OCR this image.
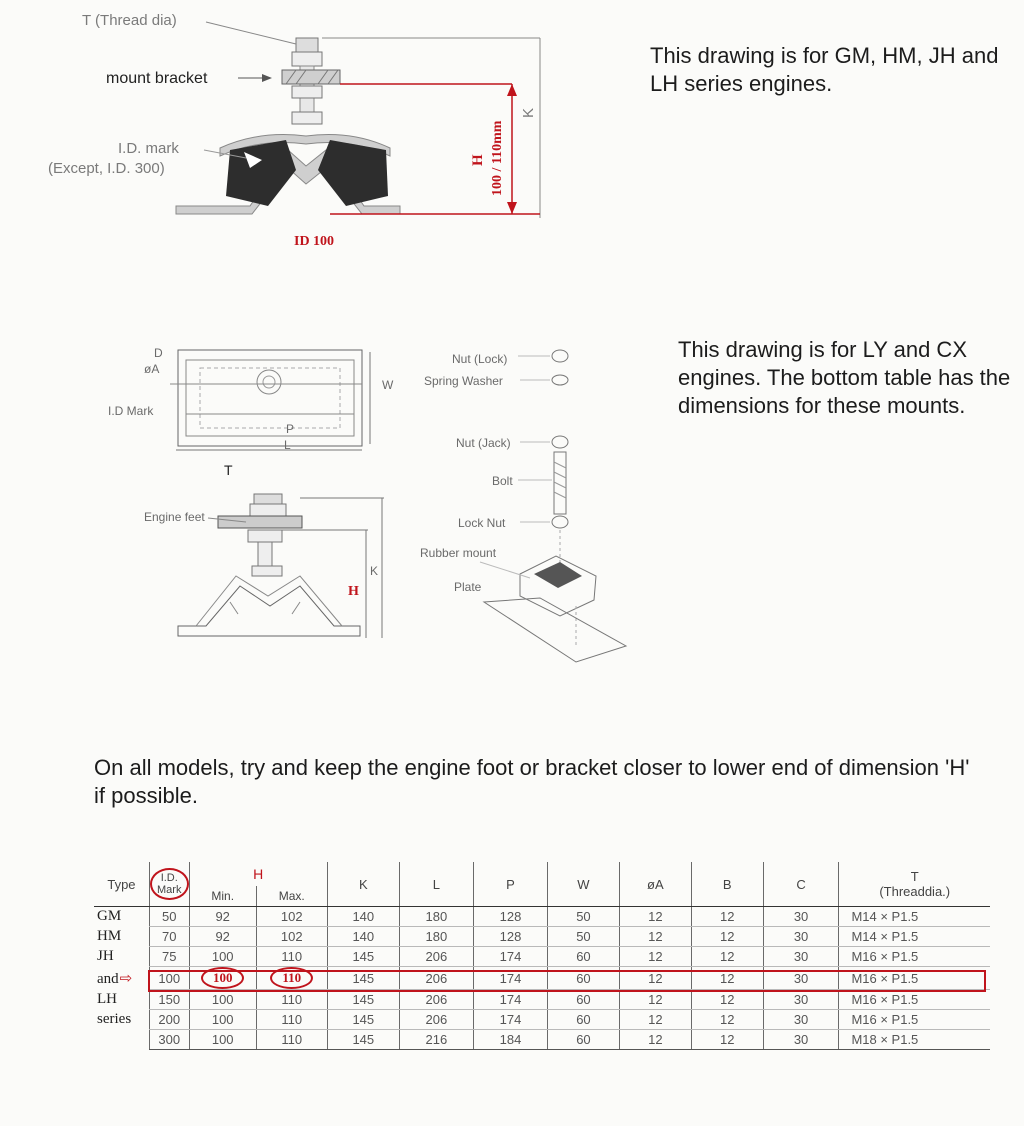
T (Thread dia)
mount bracket
I.D. mark
(Except, I.D. 300)
K
H 100 / 110mm
ID 100
This drawing is for GM, HM, JH and LH series engines.
D
øA
I.D Mark
W
P
L
T
Engine feet
H
K
Nut (Lock)
Spring Washer
Nut (Jack)
Bolt
Lock Nut
Rubber mount
Plate
This drawing is for LY and CX engines. The bottom table has the dimensions for these mounts.
On all models, try and keep the engine foot or bracket closer to lower end of dimension 'H' if possible.
Type	I.D. Mark	H		K	L	P	W	øA	B	C	T
(Threaddia.)

		Min.	Max.								
GM	50	92	102	140	180	128	50	12	12	30	M14 × P1.5
HM	70	92	102	140	180	128	50	12	12	30	M14 × P1.5
JH	75	100	110	145	206	174	60	12	12	30	M16 × P1.5
and⇨	100	100	110	145	206	174	60	12	12	30	M16 × P1.5
LH	150	100	110	145	206	174	60	12	12	30	M16 × P1.5
series	200	100	110	145	206	174	60	12	12	30	M16 × P1.5
	300	100	110	145	216	184	60	12	12	30	M18 × P1.5
